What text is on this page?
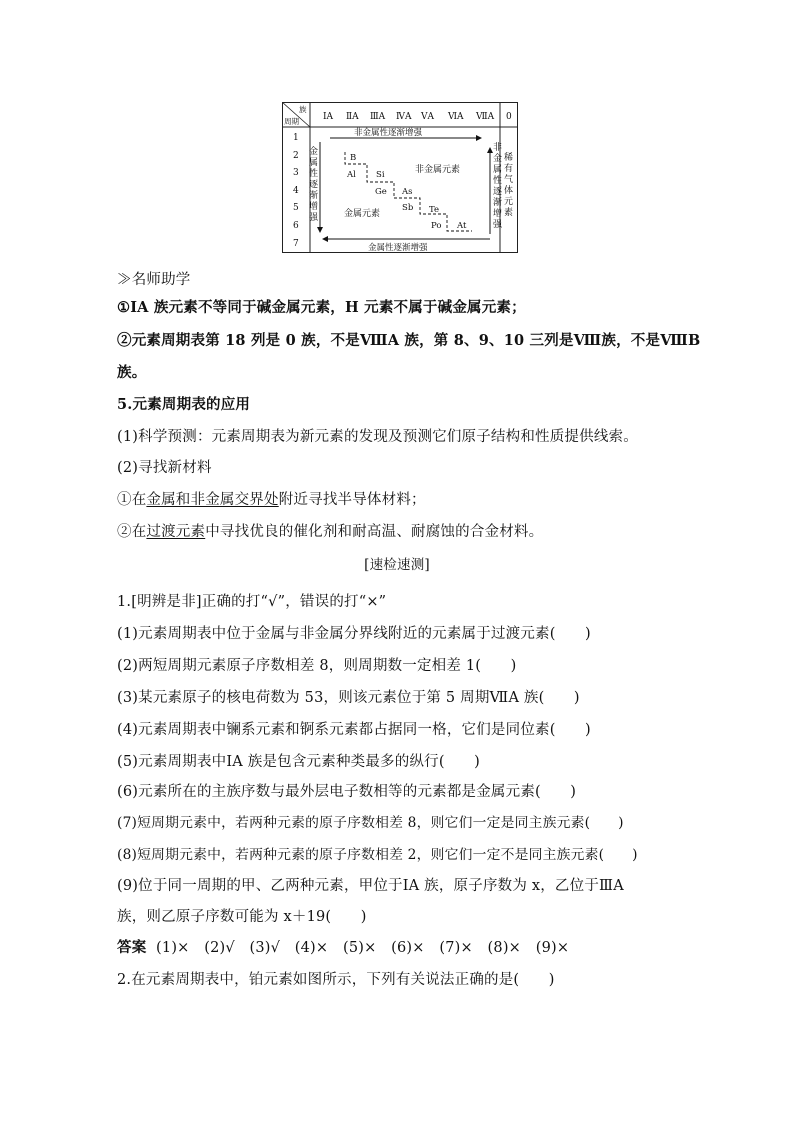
族
周期	ⅠA ⅡA ⅢA ⅣA ⅤA ⅥA ⅦA 0
1
2
3
4
5
6
7
非金属性逐渐增强
金属性逐渐增强
非金属元素
金属元素
B
Al Si
Ge As
Sb Te
Po At
金
属
性
逐
渐
增
强
非
金
属
性
逐
渐
增
强
稀
有
气
体
元
素
≫名师助学
①ⅠA 族元素不等同于碱金属元素，H 元素不属于碱金属元素；
②元素周期表第 18 列是 0 族，不是ⅧA 族，第 8、9、10 三列是Ⅷ族，不是ⅧB
族。
5.元素周期表的应用
(1)科学预测：元素周期表为新元素的发现及预测它们原子结构和性质提供线索。
(2)寻找新材料
①在金属和非金属交界处附近寻找半导体材料；
②在过渡元素中寻找优良的催化剂和耐高温、耐腐蚀的合金材料。
[速检速测]
1.[明辨是非]正确的打“√”，错误的打“×”
(1)元素周期表中位于金属与非金属分界线附近的元素属于过渡元素(　　)
(2)两短周期元素原子序数相差 8，则周期数一定相差 1(　　)
(3)某元素原子的核电荷数为 53，则该元素位于第 5 周期ⅦA 族(　　)
(4)元素周期表中镧系元素和锕系元素都占据同一格，它们是同位素(　　)
(5)元素周期表中ⅠA 族是包含元素种类最多的纵行(　　)
(6)元素所在的主族序数与最外层电子数相等的元素都是金属元素(　　)
(7)短周期元素中，若两种元素的原子序数相差 8，则它们一定是同主族元素(　　)
(8)短周期元素中，若两种元素的原子序数相差 2，则它们一定不是同主族元素(　　)
(9)位于同一周期的甲、乙两种元素，甲位于ⅠA 族，原子序数为 x，乙位于ⅢA
族，则乙原子序数可能为 x＋19(　　)
答案 (1)×　(2)√　(3)√　(4)×　(5)×　(6)×　(7)×　(8)×　(9)×
2.在元素周期表中，铂元素如图所示，下列有关说法正确的是(　　)
